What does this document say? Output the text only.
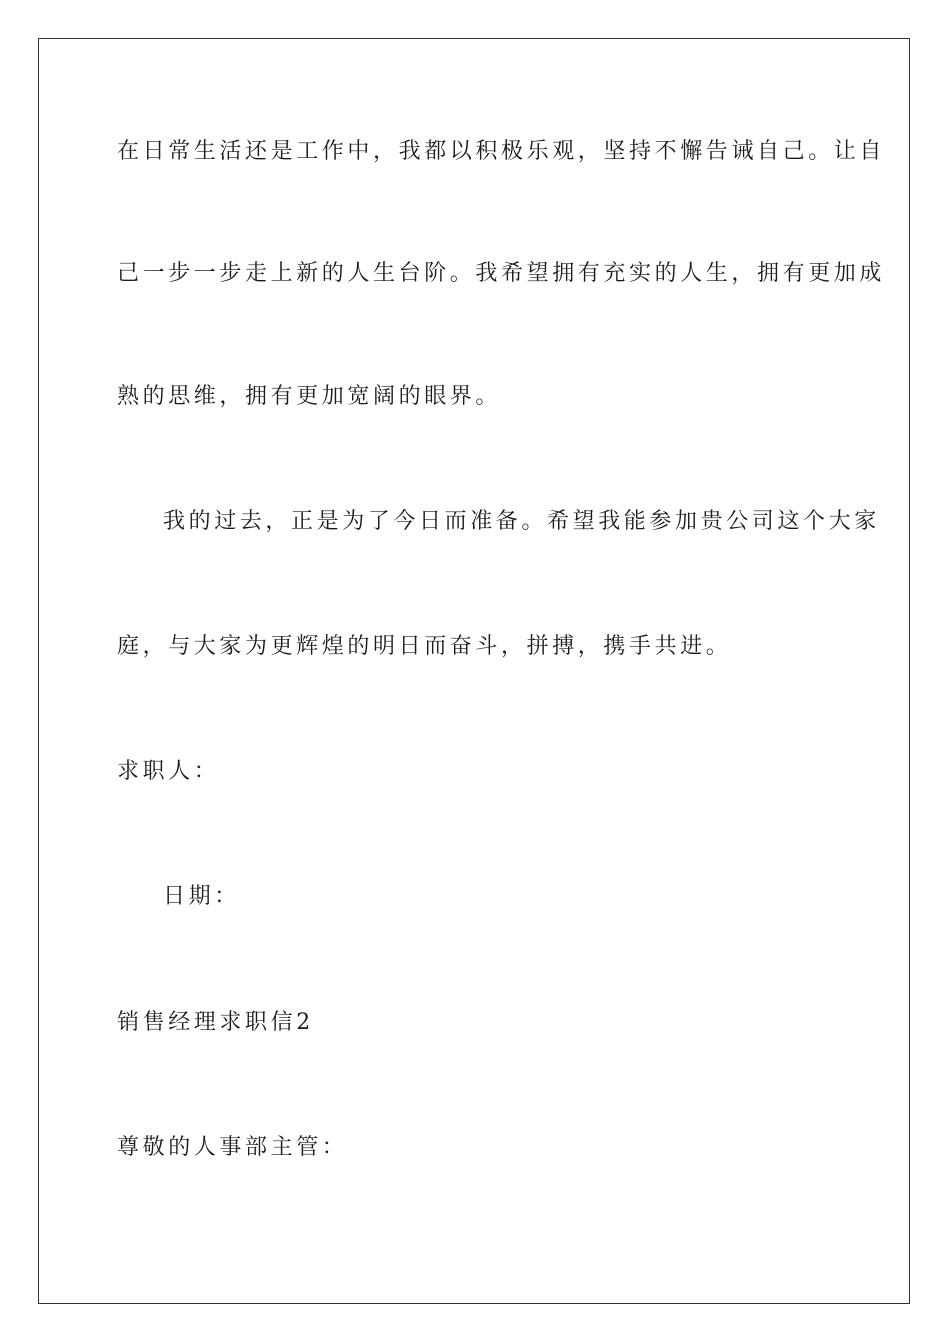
在日常生活还是工作中，我都以积极乐观，坚持不懈告诫自己。让自
己一步一步走上新的人生台阶。我希望拥有充实的人生，拥有更加成
熟的思维，拥有更加宽阔的眼界。
我的过去，正是为了今日而准备。希望我能参加贵公司这个大家
庭，与大家为更辉煌的明日而奋斗，拼搏，携手共进。
求职人：
日期：
销售经理求职信2
尊敬的人事部主管：
